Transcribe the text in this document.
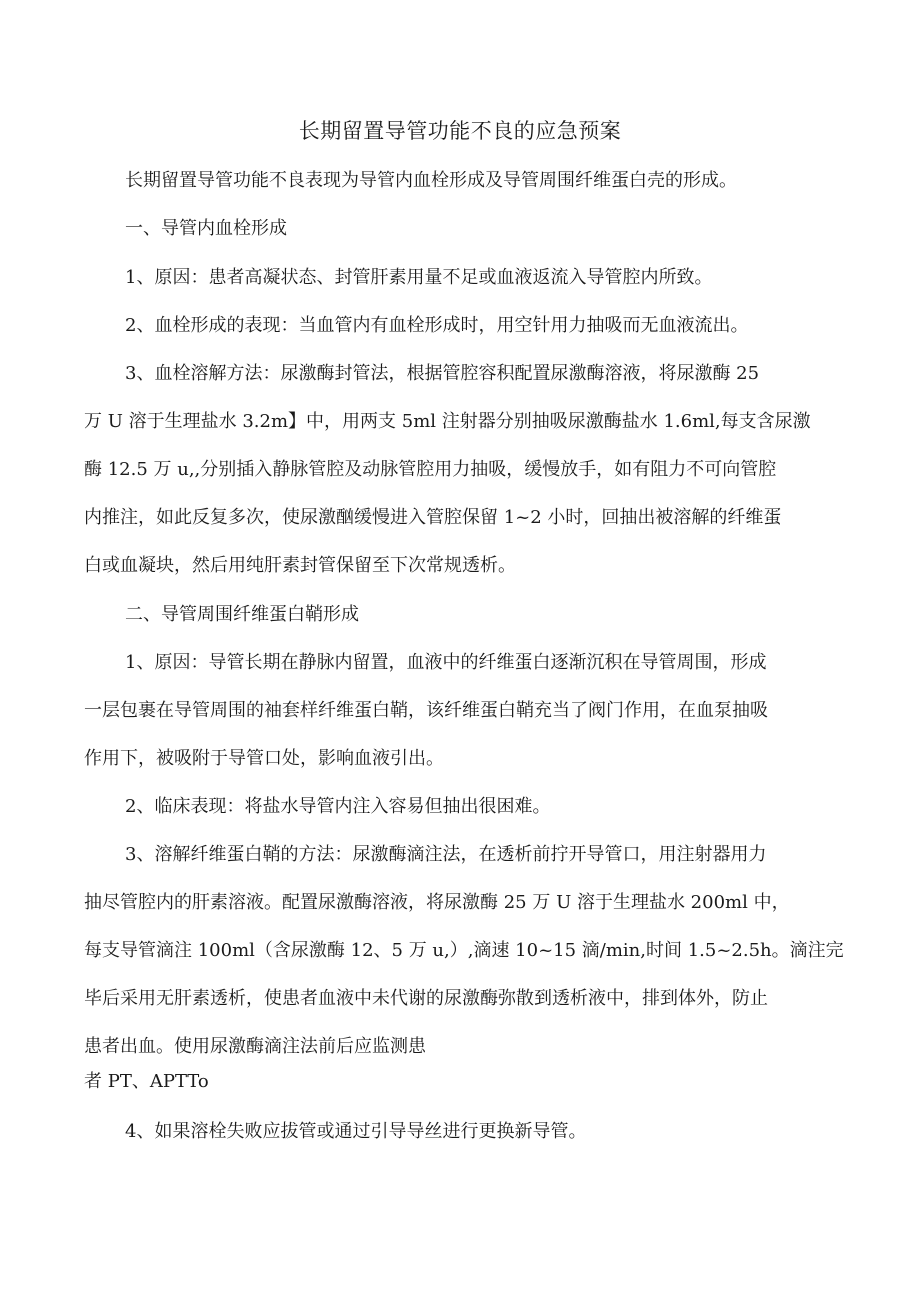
长期留置导管功能不良的应急预案
长期留置导管功能不良表现为导管内血栓形成及导管周围纤维蛋白壳的形成。
一、导管内血栓形成
1、原因：患者高凝状态、封管肝素用量不足或血液返流入导管腔内所致。
2、血栓形成的表现：当血管内有血栓形成时，用空针用力抽吸而无血液流出。
3、血栓溶解方法：尿激酶封管法，根据管腔容积配置尿激酶溶液，将尿激酶 25
万 U 溶于生理盐水 3.2m】中，用两支 5ml 注射器分别抽吸尿激酶盐水 1.6ml,每支含尿激
酶 12.5 万 u,,分别插入静脉管腔及动脉管腔用力抽吸，缓慢放手，如有阻力不可向管腔
内推注，如此反复多次，使尿激酗缓慢进入管腔保留 1~2 小时，回抽出被溶解的纤维蛋
白或血凝块，然后用纯肝素封管保留至下次常规透析。
二、导管周围纤维蛋白鞘形成
1、原因：导管长期在静脉内留置，血液中的纤维蛋白逐渐沉积在导管周围，形成
一层包裹在导管周围的袖套样纤维蛋白鞘，该纤维蛋白鞘充当了阀门作用，在血泵抽吸
作用下，被吸附于导管口处，影响血液引出。
2、临床表现：将盐水导管内注入容易但抽出很困难。
3、溶解纤维蛋白鞘的方法：尿激酶滴注法，在透析前拧开导管口，用注射器用力
抽尽管腔内的肝素溶液。配置尿激酶溶液，将尿激酶 25 万 U 溶于生理盐水 200ml 中，
每支导管滴注 100ml（含尿激酶 12、5 万 u,）,滴速 10~15 滴/min,时间 1.5~2.5h。滴注完
毕后采用无肝素透析，使患者血液中未代谢的尿激酶弥散到透析液中，排到体外，防止
患者出血。使用尿激酶滴注法前后应监测患
者 PT、APTTo
4、如果溶栓失败应拔管或通过引导导丝进行更换新导管。
